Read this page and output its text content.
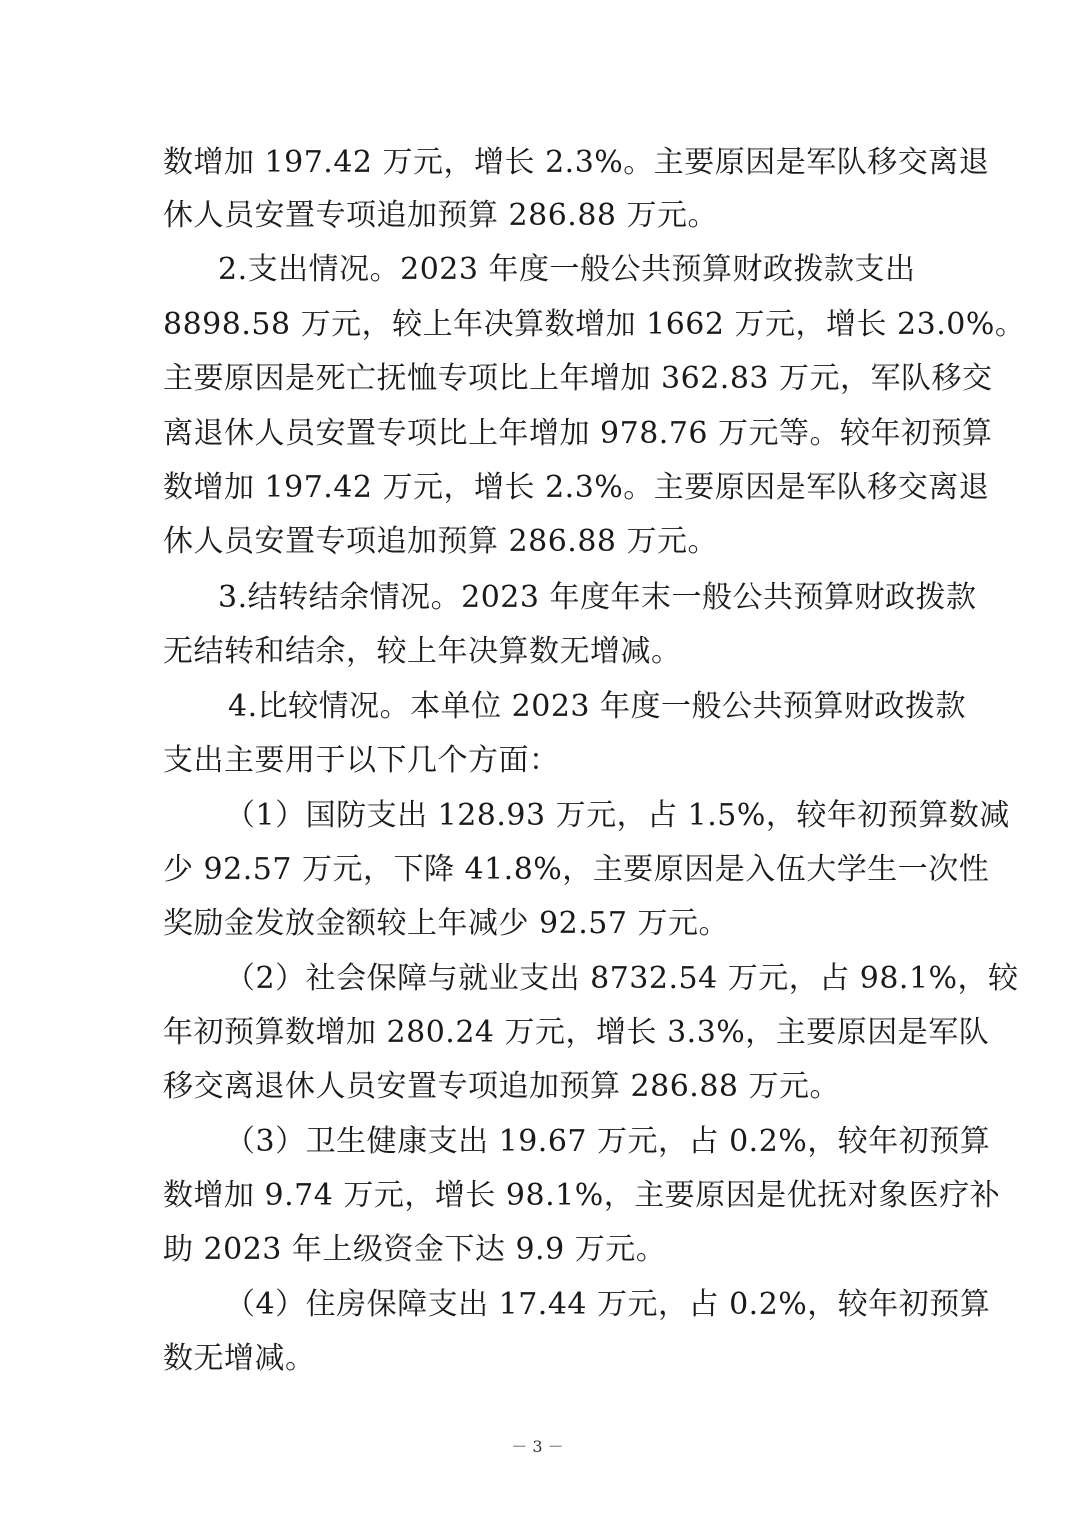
数增加 197.42 万元，增长 2.3%。主要原因是军队移交离退
休人员安置专项追加预算 286.88 万元。
2.支出情况。2023 年度一般公共预算财政拨款支出
8898.58 万元，较上年决算数增加 1662 万元，增长 23.0%。
主要原因是死亡抚恤专项比上年增加 362.83 万元，军队移交
离退休人员安置专项比上年增加 978.76 万元等。较年初预算
数增加 197.42 万元，增长 2.3%。主要原因是军队移交离退
休人员安置专项追加预算 286.88 万元。
3.结转结余情况。2023 年度年末一般公共预算财政拨款
无结转和结余，较上年决算数无增减。
4.比较情况。本单位 2023 年度一般公共预算财政拨款
支出主要用于以下几个方面：
（1）国防支出 128.93 万元，占 1.5%，较年初预算数减
少 92.57 万元，下降 41.8%，主要原因是入伍大学生一次性
奖励金发放金额较上年减少 92.57 万元。
（2）社会保障与就业支出 8732.54 万元，占 98.1%，较
年初预算数增加 280.24 万元，增长 3.3%，主要原因是军队
移交离退休人员安置专项追加预算 286.88 万元。
（3）卫生健康支出 19.67 万元，占 0.2%，较年初预算
数增加 9.74 万元，增长 98.1%，主要原因是优抚对象医疗补
助 2023 年上级资金下达 9.9 万元。
（4）住房保障支出 17.44 万元，占 0.2%，较年初预算
数无增减。
－ 3 －
